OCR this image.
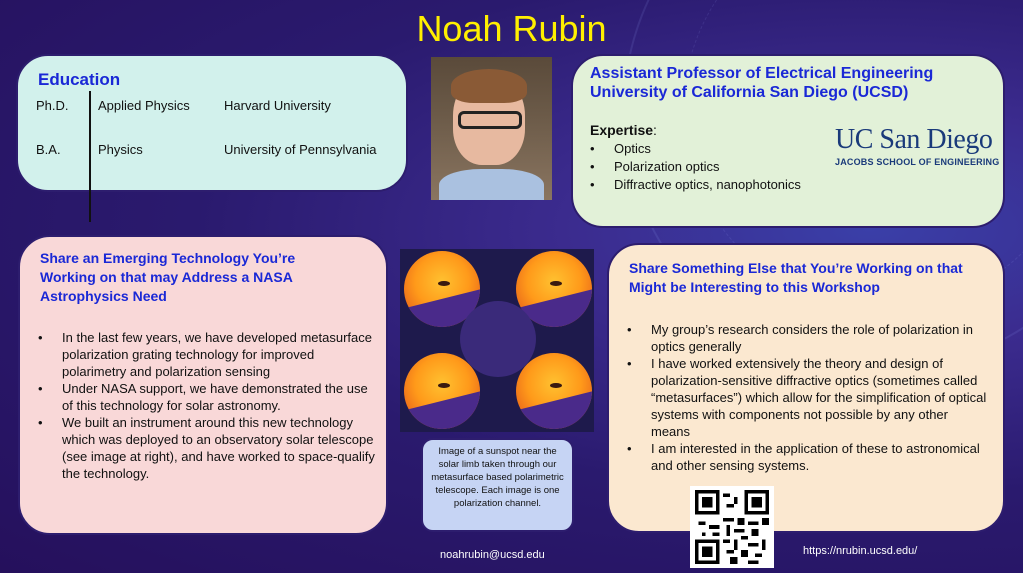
Noah Rubin
Education
Ph.D. Applied Physics	Harvard University
B.A.	Physics	University of Pennsylvania
Assistant Professor of Electrical Engineering
University of California San Diego (UCSD)
Expertise:
• Optics
• Polarization optics
• Diffractive optics, nanophotonics
UC San Diego
JACOBS SCHOOL OF ENGINEERING
Share an Emerging Technology You’re Working on that may Address a NASA Astrophysics Need
• In the last few years, we have developed metasurface polarization grating technology for improved polarimetry and polarization sensing
• Under NASA support, we have demonstrated the use of this technology for solar astronomy.
• We built an instrument around this new technology which was deployed to an observatory solar telescope (see image at right), and have worked to space-qualify the technology.
Image of a sunspot near the solar limb taken through our metasurface based polarimetric telescope. Each image is one polarization channel.
Share Something Else that You’re Working on that Might be Interesting to this Workshop
• My group’s research considers the role of polarization in optics generally
• I have worked extensively the theory and design of polarization-sensitive diffractive optics (sometimes called “metasurfaces”) which allow for the simplification of optical systems with components not possible by any other means
• I am interested in the application of these to astronomical and other sensing systems.
noahrubin@ucsd.edu	https://nrubin.ucsd.edu/
